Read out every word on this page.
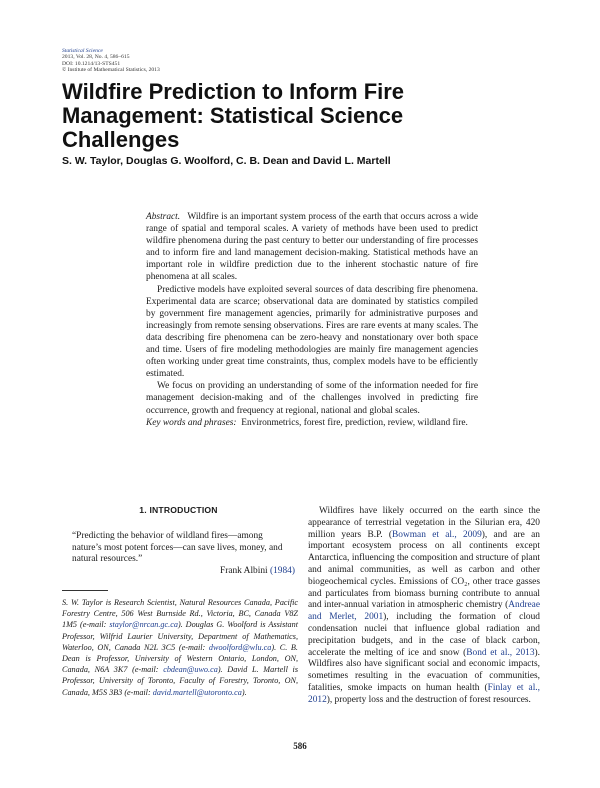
Statistical Science
2013, Vol. 28, No. 4, 586–615
DOI: 10.1214/13-STS451
© Institute of Mathematical Statistics, 2013
Wildfire Prediction to Inform Fire Management: Statistical Science Challenges
S. W. Taylor, Douglas G. Woolford, C. B. Dean and David L. Martell

Abstract. Wildfire is an important system process of the earth that occurs across a wide range of spatial and temporal scales. A variety of methods have been used to predict wildfire phenomena during the past century to better our understanding of fire processes and to inform fire and land management decision-making. Statistical methods have an important role in wildfire prediction due to the inherent stochastic nature of fire phenomena at all scales.

Predictive models have exploited several sources of data describing fire phenomena. Experimental data are scarce; observational data are dominated by statistics compiled by government fire management agencies, primarily for administrative purposes and increasingly from remote sensing observations. Fires are rare events at many scales. The data describing fire phenomena can be zero-heavy and nonstationary over both space and time. Users of fire modeling methodologies are mainly fire management agencies often working under great time constraints, thus, complex models have to be efficiently estimated.

We focus on providing an understanding of some of the information needed for fire management decision-making and of the challenges involved in predicting fire occurrence, growth and frequency at regional, national and global scales.

Key words and phrases: Environmetrics, forest fire, prediction, review, wildland fire.

1. INTRODUCTION
“Predicting the behavior of wildland fires—among nature’s most potent forces—can save lives, money, and natural resources.”
Frank Albini (1984)
S. W. Taylor is Research Scientist, Natural Resources Canada, Pacific Forestry Centre, 506 West Burnside Rd., Victoria, BC, Canada V8Z 1M5 (e-mail: staylor@nrcan.gc.ca). Douglas G. Woolford is Assistant Professor, Wilfrid Laurier University, Department of Mathematics, Waterloo, ON, Canada N2L 3C5 (e-mail: dwoolford@wlu.ca). C. B. Dean is Professor, University of Western Ontario, London, ON, Canada, N6A 3K7 (e-mail: cbdean@uwo.ca). David L. Martell is Professor, University of Toronto, Faculty of Forestry, Toronto, ON, Canada, M5S 3B3 (e-mail: david.martell@utoronto.ca).

Wildfires have likely occurred on the earth since the appearance of terrestrial vegetation in the Silurian era, 420 million years B.P. (Bowman et al., 2009), and are an important ecosystem process on all continents except Antarctica, influencing the composition and structure of plant and animal communities, as well as carbon and other biogeochemical cycles. Emissions of CO₂, other trace gasses and particulates from biomass burning contribute to annual and inter-annual variation in atmospheric chemistry (Andreae and Merlet, 2001), including the formation of cloud condensation nuclei that influence global radiation and precipitation budgets, and in the case of black carbon, accelerate the melting of ice and snow (Bond et al., 2013). Wildfires also have significant social and economic impacts, sometimes resulting in the evacuation of communities, fatalities, smoke impacts on human health (Finlay et al., 2012), property loss and the destruction of forest resources.

586
